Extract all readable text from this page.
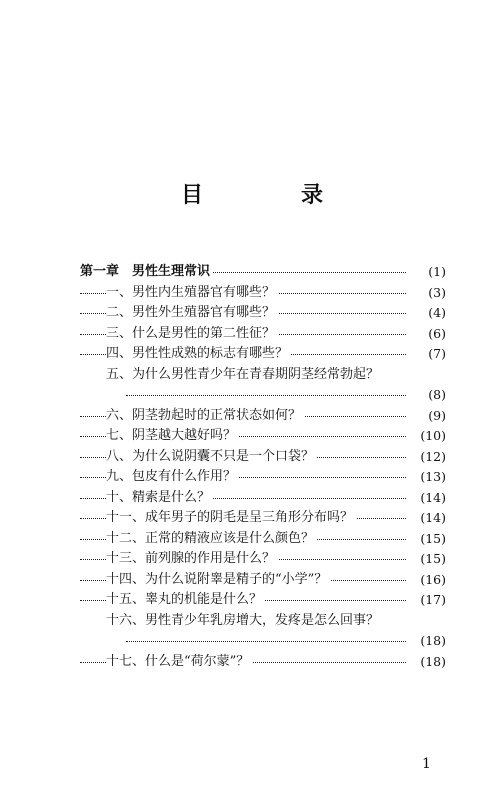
目　录
第一章　男性生理常识	(1)
一、男性内生殖器官有哪些？	(3)
二、男性外生殖器官有哪些？	(4)
三、什么是男性的第二性征？	(6)
四、男性性成熟的标志有哪些？	(7)
五、为什么男性青少年在青春期阴茎经常勃起？
(8)
六、阴茎勃起时的正常状态如何？	(9)
七、阴茎越大越好吗？	(10)
八、为什么说阴囊不只是一个口袋？	(12)
九、包皮有什么作用？	(13)
十、精索是什么？	(14)
十一、成年男子的阴毛是呈三角形分布吗？	(14)
十二、正常的精液应该是什么颜色？	(15)
十三、前列腺的作用是什么？	(15)
十四、为什么说附睾是精子的“小学”？	(16)
十五、睾丸的机能是什么？	(17)
十六、男性青少年乳房增大，发疼是怎么回事？
(18)
十七、什么是“荷尔蒙”？	(18)
1
